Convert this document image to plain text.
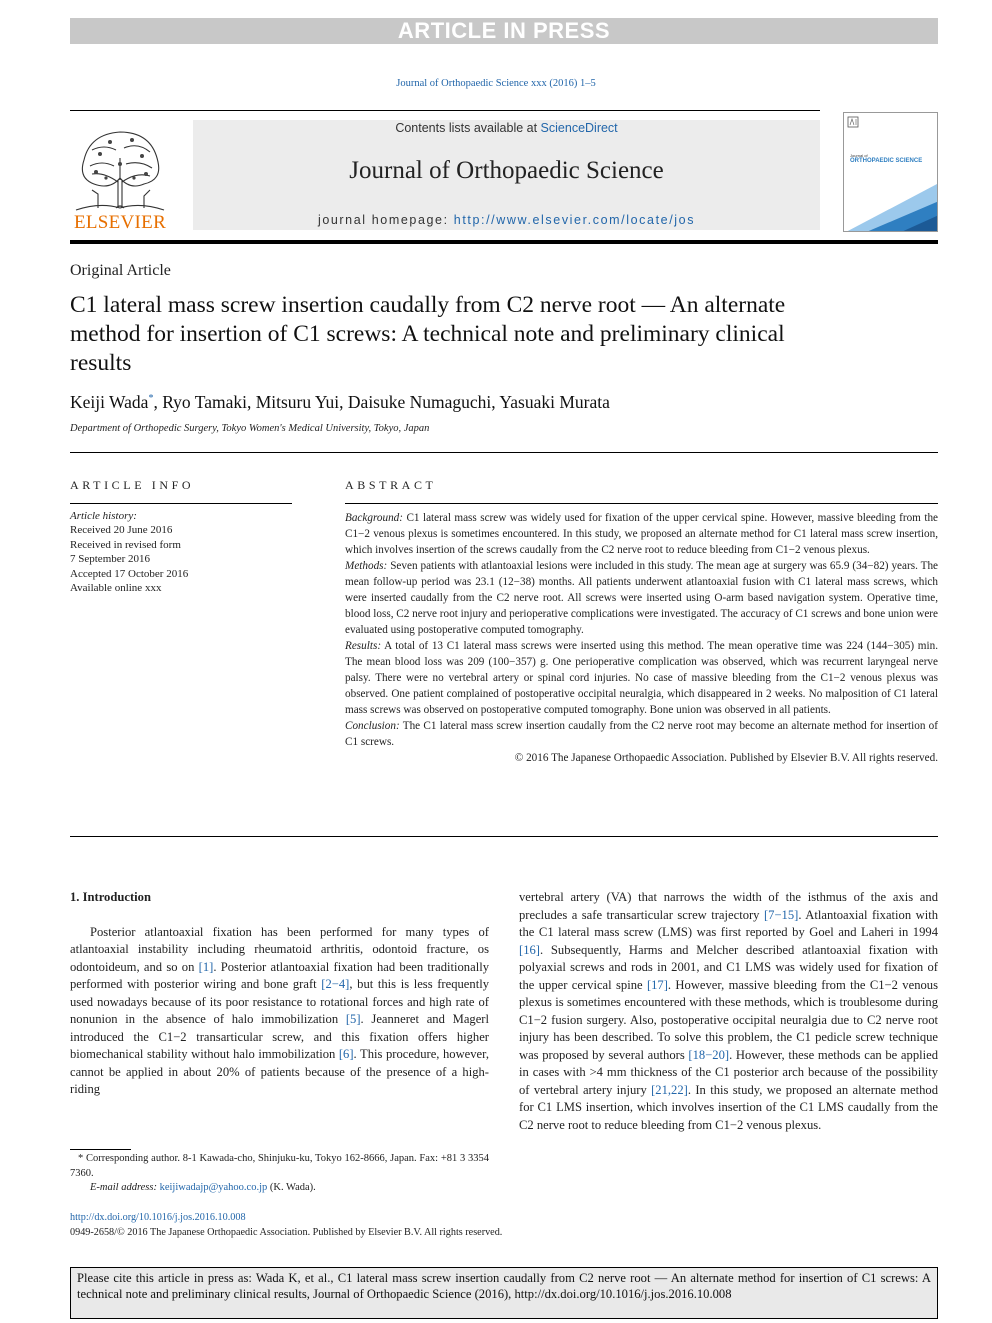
ARTICLE IN PRESS
Journal of Orthopaedic Science xxx (2016) 1–5
ELSEVIER
Contents lists available at ScienceDirect
Journal of Orthopaedic Science
journal homepage: http://www.elsevier.com/locate/jos
Journal of
ORTHOPAEDIC SCIENCE
Original Article
C1 lateral mass screw insertion caudally from C2 nerve root — An alternate method for insertion of C1 screws: A technical note and preliminary clinical results
Keiji Wada*, Ryo Tamaki, Mitsuru Yui, Daisuke Numaguchi, Yasuaki Murata
Department of Orthopedic Surgery, Tokyo Women's Medical University, Tokyo, Japan
ARTICLE INFO
Article history:
Received 20 June 2016
Received in revised form
7 September 2016
Accepted 17 October 2016
Available online xxx
ABSTRACT

Background: C1 lateral mass screw was widely used for fixation of the upper cervical spine. However, massive bleeding from the C1−2 venous plexus is sometimes encountered. In this study, we proposed an alternate method for C1 lateral mass screw insertion, which involves insertion of the screws caudally from the C2 nerve root to reduce bleeding from C1−2 venous plexus.

Methods: Seven patients with atlantoaxial lesions were included in this study. The mean age at surgery was 65.9 (34−82) years. The mean follow-up period was 23.1 (12−38) months. All patients underwent atlantoaxial fusion with C1 lateral mass screws, which were inserted caudally from the C2 nerve root. All screws were inserted using O-arm based navigation system. Operative time, blood loss, C2 nerve root injury and perioperative complications were investigated. The accuracy of C1 screws and bone union were evaluated using postoperative computed tomography.

Results: A total of 13 C1 lateral mass screws were inserted using this method. The mean operative time was 224 (144−305) min. The mean blood loss was 209 (100−357) g. One perioperative complication was observed, which was recurrent laryngeal nerve palsy. There were no vertebral artery or spinal cord injuries. No case of massive bleeding from the C1−2 venous plexus was observed. One patient complained of postoperative occipital neuralgia, which disappeared in 2 weeks. No malposition of C1 lateral mass screws was observed on postoperative computed tomography. Bone union was observed in all patients.

Conclusion: The C1 lateral mass screw insertion caudally from the C2 nerve root may become an alternate method for insertion of C1 screws.

© 2016 The Japanese Orthopaedic Association. Published by Elsevier B.V. All rights reserved.

1. Introduction

Posterior atlantoaxial fixation has been performed for many types of atlantoaxial instability including rheumatoid arthritis, odontoid fracture, os odontoideum, and so on [1]. Posterior atlantoaxial fixation had been traditionally performed with posterior wiring and bone graft [2−4], but this is less frequently used nowadays because of its poor resistance to rotational forces and high rate of nonunion in the absence of halo immobilization [5]. Jeanneret and Magerl introduced the C1−2 transarticular screw, and this fixation offers higher biomechanical stability without halo immobilization [6]. This procedure, however, cannot be applied in about 20% of patients because of the presence of a high-riding

vertebral artery (VA) that narrows the width of the isthmus of the axis and precludes a safe transarticular screw trajectory [7−15]. Atlantoaxial fixation with the C1 lateral mass screw (LMS) was first reported by Goel and Laheri in 1994 [16]. Subsequently, Harms and Melcher described atlantoaxial fixation with polyaxial screws and rods in 2001, and C1 LMS was widely used for fixation of the upper cervical spine [17]. However, massive bleeding from the C1−2 venous plexus is sometimes encountered with these methods, which is troublesome during C1−2 fusion surgery. Also, postoperative occipital neuralgia due to C2 nerve root injury has been described. To solve this problem, the C1 pedicle screw technique was proposed by several authors [18−20]. However, these methods can be applied in cases with >4 mm thickness of the C1 posterior arch because of the possibility of vertebral artery injury [21,22]. In this study, we proposed an alternate method for C1 LMS insertion, which involves insertion of the C1 LMS caudally from the C2 nerve root to reduce bleeding from C1−2 venous plexus.
* Corresponding author. 8-1 Kawada-cho, Shinjuku-ku, Tokyo 162-8666, Japan. Fax: +81 3 3354 7360.
E-mail address: keijiwadajp@yahoo.co.jp (K. Wada).
http://dx.doi.org/10.1016/j.jos.2016.10.008
0949-2658/© 2016 The Japanese Orthopaedic Association. Published by Elsevier B.V. All rights reserved.
Please cite this article in press as: Wada K, et al., C1 lateral mass screw insertion caudally from C2 nerve root — An alternate method for insertion of C1 screws: A technical note and preliminary clinical results, Journal of Orthopaedic Science (2016), http://dx.doi.org/10.1016/j.jos.2016.10.008
